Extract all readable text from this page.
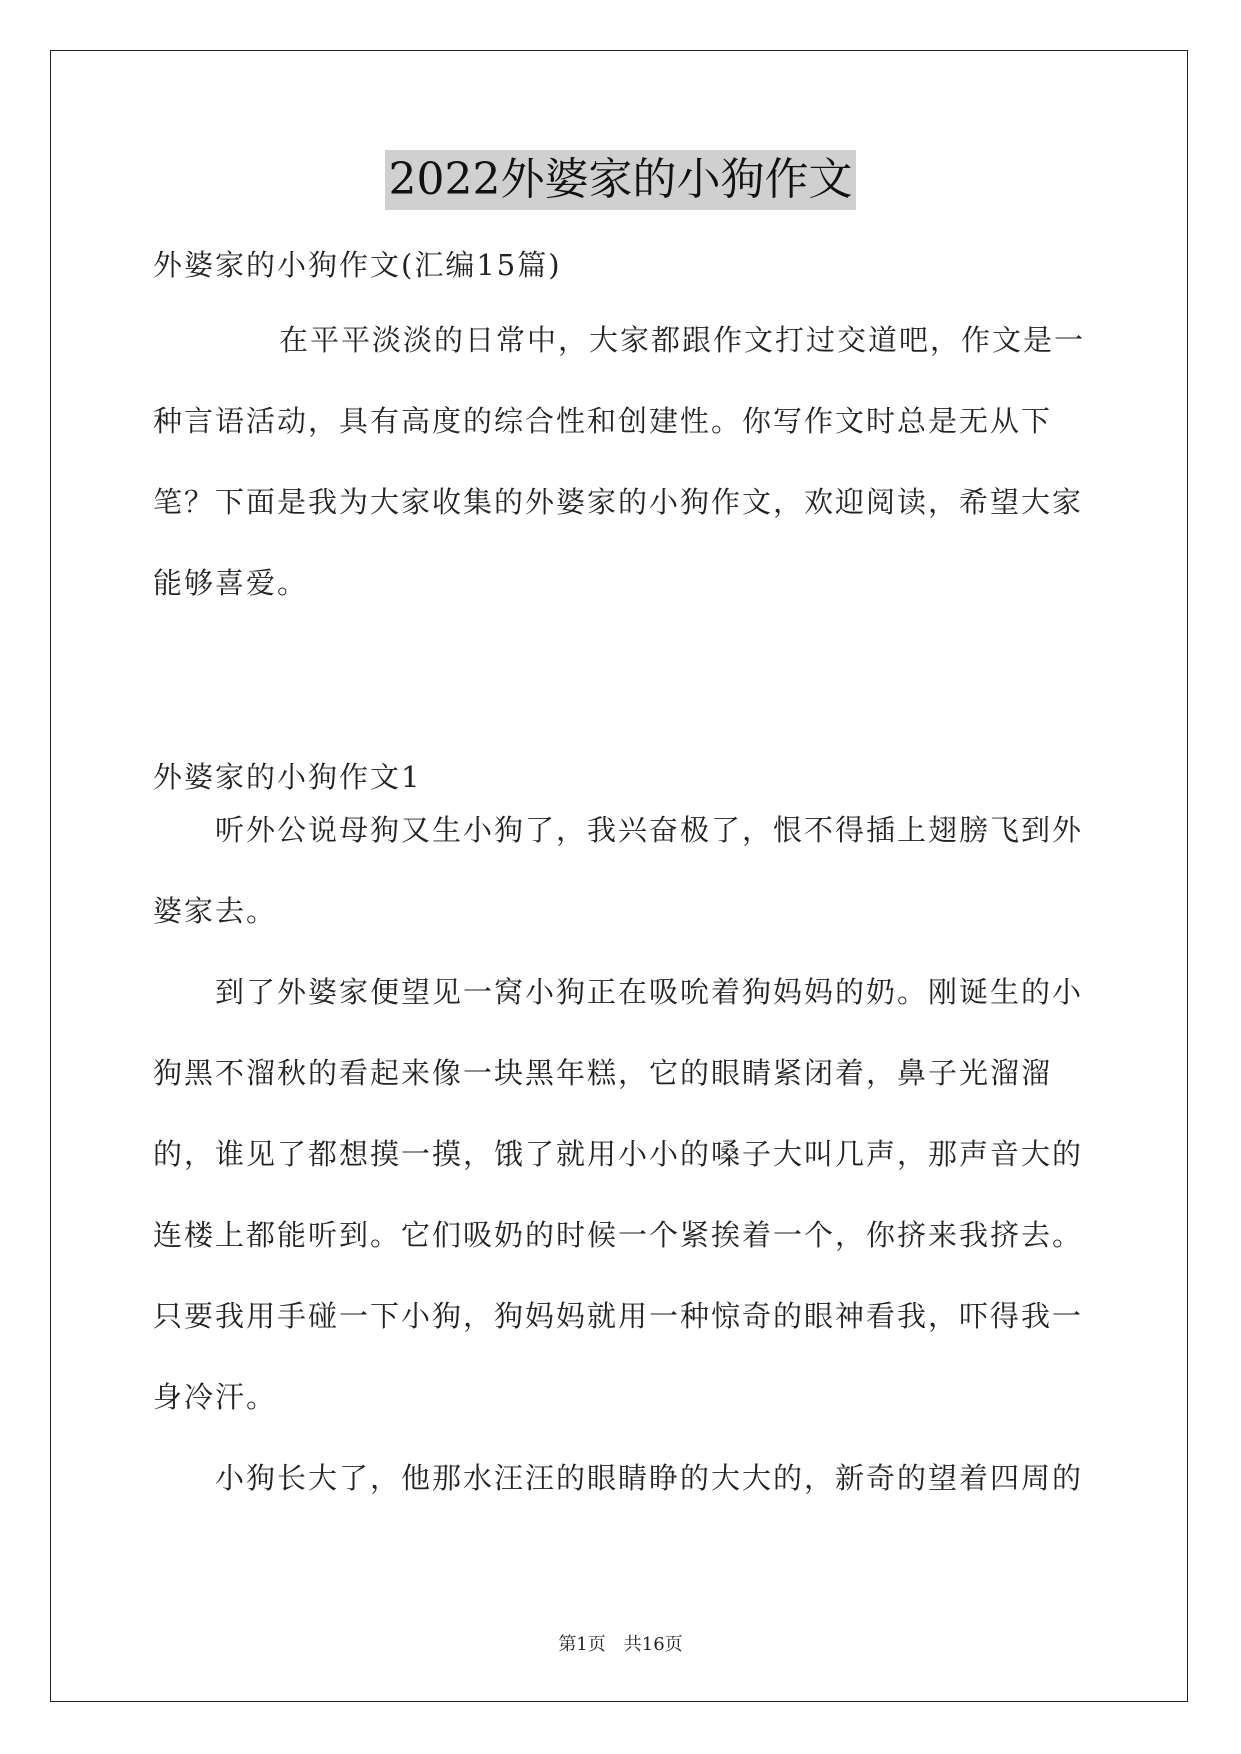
2022外婆家的小狗作文
外婆家的小狗作文(汇编15篇)

在平平淡淡的日常中，大家都跟作文打过交道吧，作文是一种言语活动，具有高度的综合性和创建性。你写作文时总是无从下笔？下面是我为大家收集的外婆家的小狗作文，欢迎阅读，希望大家能够喜爱。

外婆家的小狗作文1

听外公说母狗又生小狗了，我兴奋极了，恨不得插上翅膀飞到外婆家去。

到了外婆家便望见一窝小狗正在吸吮着狗妈妈的奶。刚诞生的小狗黑不溜秋的看起来像一块黑年糕，它的眼睛紧闭着，鼻子光溜溜的，谁见了都想摸一摸，饿了就用小小的嗓子大叫几声，那声音大的连楼上都能听到。它们吸奶的时候一个紧挨着一个，你挤来我挤去。只要我用手碰一下小狗，狗妈妈就用一种惊奇的眼神看我，吓得我一身冷汗。

小狗长大了，他那水汪汪的眼睛睁的大大的，新奇的望着四周的

第1页 共16页
